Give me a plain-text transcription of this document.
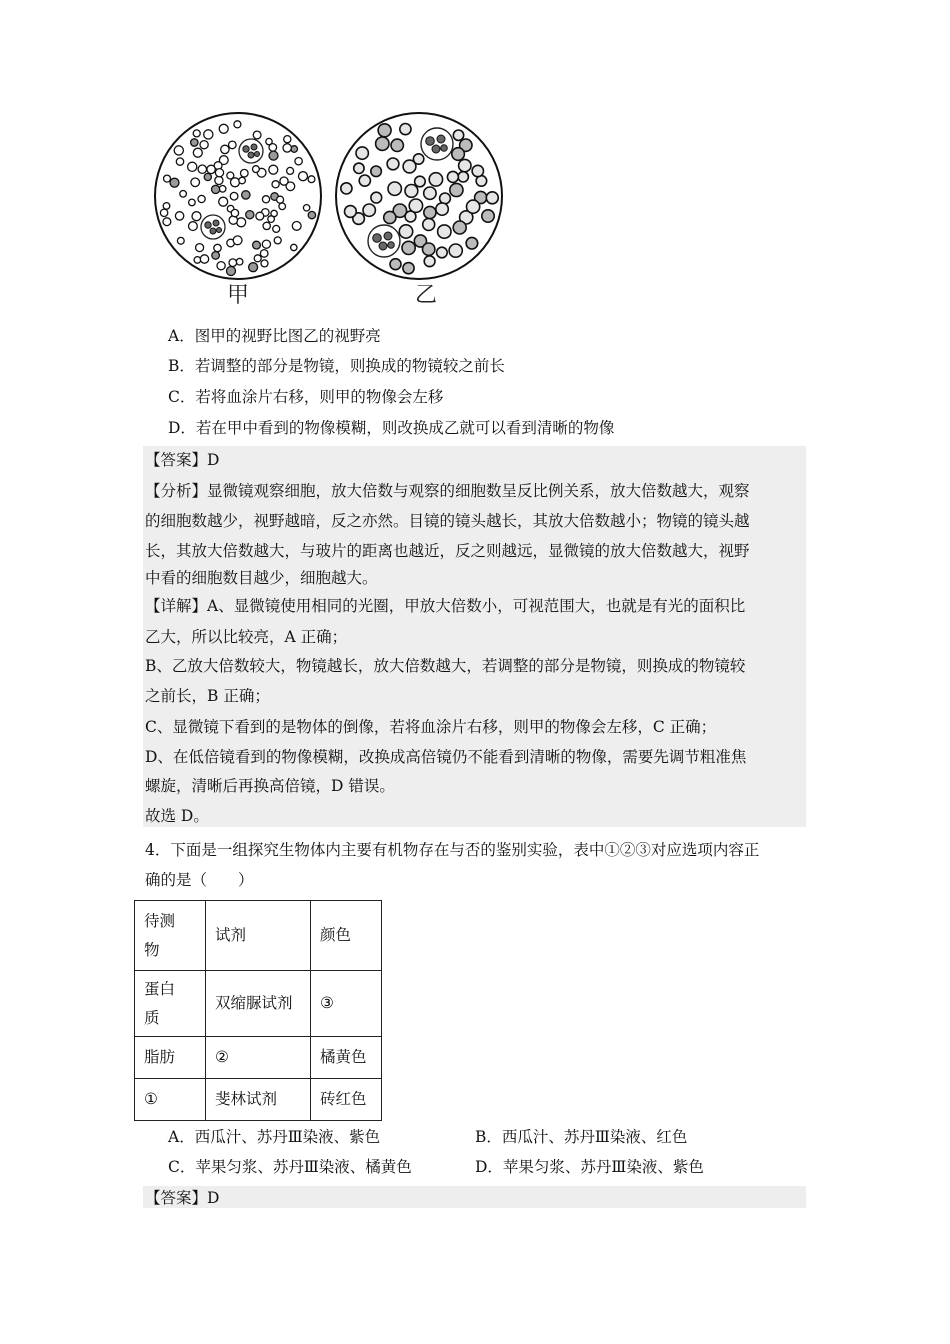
甲	乙
A．图甲的视野比图乙的视野亮
B．若调整的部分是物镜，则换成的物镜较之前长
C．若将血涂片右移，则甲的物像会左移
D．若在甲中看到的物像模糊，则改换成乙就可以看到清晰的物像
【答案】D
【分析】显微镜观察细胞，放大倍数与观察的细胞数呈反比例关系，放大倍数越大，观察
的细胞数越少，视野越暗，反之亦然。目镜的镜头越长，其放大倍数越小；物镜的镜头越
长，其放大倍数越大，与玻片的距离也越近，反之则越远，显微镜的放大倍数越大，视野
中看的细胞数目越少，细胞越大。
【详解】A、显微镜使用相同的光圈，甲放大倍数小，可视范围大，也就是有光的面积比
乙大，所以比较亮，A 正确；
B、乙放大倍数较大，物镜越长，放大倍数越大，若调整的部分是物镜，则换成的物镜较
之前长，B 正确；
C、显微镜下看到的是物体的倒像，若将血涂片右移，则甲的物像会左移，C 正确；
D、在低倍镜看到的物像模糊，改换成高倍镜仍不能看到清晰的物像，需要先调节粗准焦
螺旋，清晰后再换高倍镜，D 错误。
故选 D。
4．下面是一组探究生物体内主要有机物存在与否的鉴别实验，表中①②③对应选项内容正
确的是（　　）
待测
物	试剂	颜色
蛋白
质	双缩脲试剂	③
脂肪	②	橘黄色
①	斐林试剂	砖红色
A．西瓜汁、苏丹Ⅲ染液、紫色	B．西瓜汁、苏丹Ⅲ染液、红色
C．苹果匀浆、苏丹Ⅲ染液、橘黄色	D．苹果匀浆、苏丹Ⅲ染液、紫色
【答案】D
